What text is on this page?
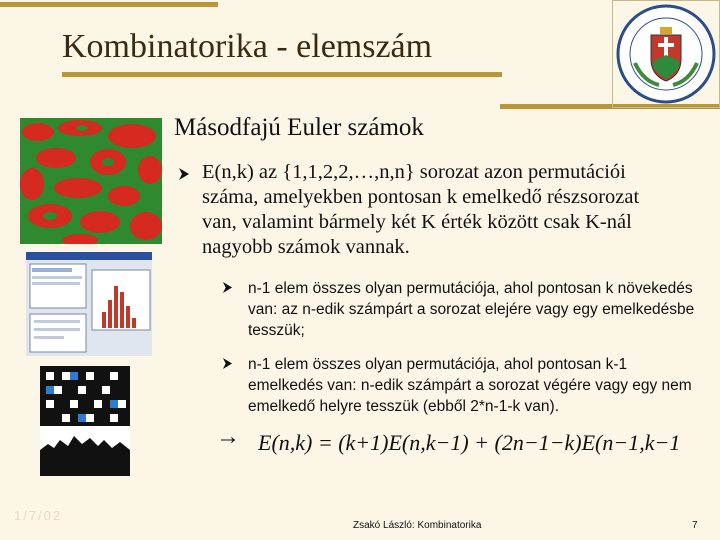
Kombinatorika - elemszám
Másodfajú Euler számok

E(n,k) az {1,1,2,2,…,n,n} sorozat azon permutációi száma, amelyekben pontosan k emelkedő részsorozat van, valamint bármely két K érték között csak K-nál nagyobb számok vannak.

n-1 elem összes olyan permutációja, ahol pontosan k növekedés van: az n-edik számpárt a sorozat elejére vagy egy emelkedésbe tesszük;

n-1 elem összes olyan permutációja, ahol pontosan k-1 emelkedés van: n-edik számpárt a sorozat végére vagy egy nem emelkedő helyre tesszük (ebből 2*n-1-k van).

→ E(n,k) = (k+1)E(n,k−1) + (2n−1−k)E(n−1,k−1)
1/7/02
Zsakó László: Kombinatorika	7
